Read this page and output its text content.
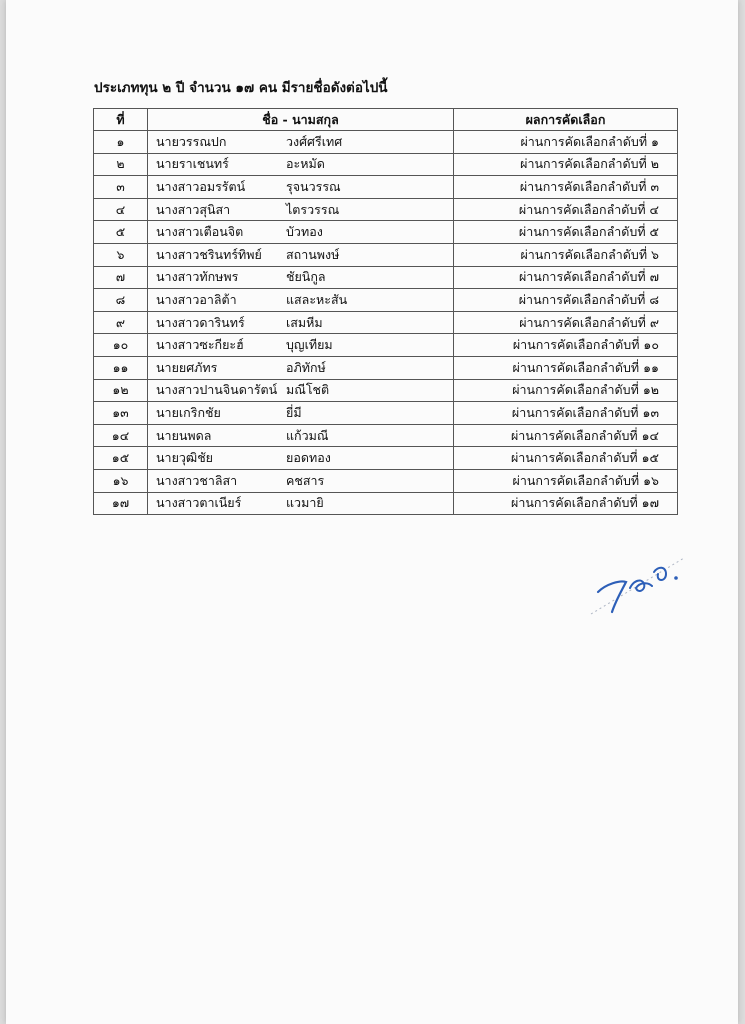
ประเภททุน ๒ ปี จำนวน ๑๗ คน มีรายชื่อดังต่อไปนี้
ที่	ชื่อ - นามสกุล	ผลการคัดเลือก
๑	นายวรรณปก วงศ์ศรีเทศ	ผ่านการคัดเลือกลำดับที่ ๑
๒	นายราเชนทร์ อะหมัด	ผ่านการคัดเลือกลำดับที่ ๒
๓	นางสาวอมรรัตน์ รุจนวรรณ	ผ่านการคัดเลือกลำดับที่ ๓
๔	นางสาวสุนิสา ไตรวรรณ	ผ่านการคัดเลือกลำดับที่ ๔
๕	นางสาวเตือนจิต บัวทอง	ผ่านการคัดเลือกลำดับที่ ๕
๖	นางสาวชรินทร์ทิพย์ สถานพงษ์	ผ่านการคัดเลือกลำดับที่ ๖
๗	นางสาวทักษพร ชัยนิกูล	ผ่านการคัดเลือกลำดับที่ ๗
๘	นางสาวอาลิต้า แสละหะสัน	ผ่านการคัดเลือกลำดับที่ ๘
๙	นางสาวดารินทร์ เสมหีม	ผ่านการคัดเลือกลำดับที่ ๙
๑๐	นางสาวซะกียะฮ์ บุญเทียม	ผ่านการคัดเลือกลำดับที่ ๑๐
๑๑	นายยศภัทร อภิทักษ์	ผ่านการคัดเลือกลำดับที่ ๑๑
๑๒	นางสาวปานจินดารัตน์ มณีโชติ	ผ่านการคัดเลือกลำดับที่ ๑๒
๑๓	นายเกริกชัย ยี่มี	ผ่านการคัดเลือกลำดับที่ ๑๓
๑๔	นายนพดล แก้วมณี	ผ่านการคัดเลือกลำดับที่ ๑๔
๑๕	นายวุฒิชัย ยอดทอง	ผ่านการคัดเลือกลำดับที่ ๑๕
๑๖	นางสาวชาลิสา คชสาร	ผ่านการคัดเลือกลำดับที่ ๑๖
๑๗	นางสาวตาเนียร์ แวมายิ	ผ่านการคัดเลือกลำดับที่ ๑๗
